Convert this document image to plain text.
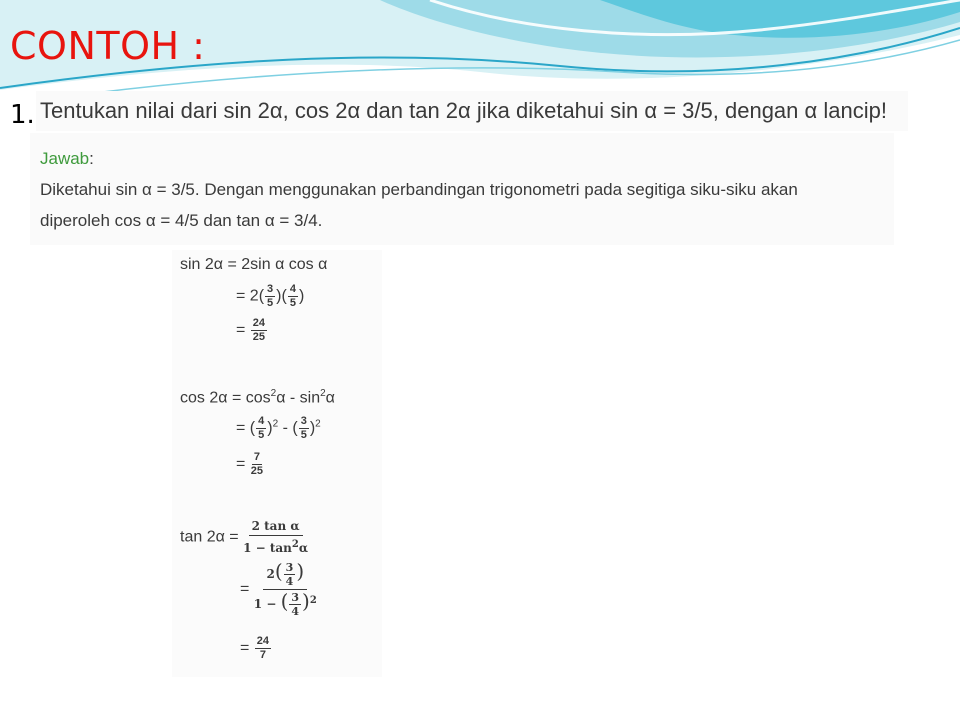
CONTOH :
1. Tentukan nilai dari sin 2α, cos 2α dan tan 2α jika diketahui sin α = 3/5, dengan α lancip!
Jawab:
Diketahui sin α = 3/5. Dengan menggunakan perbandingan trigonometri pada segitiga siku-siku akan
diperoleh cos α = 4/5 dan tan α = 3/4.
sin 2α = 2sin α cos α
= $2( \frac{3}{5}$ )( $\frac{4}{5}$ )
= $\frac{24}{25}$
$\cos 2\alpha = \cos^2\alpha - \sin^2\alpha$
= ( $\frac{4}{5} )^2$ - ( $\frac{3}{5} )^2$
= $\frac{7}{25}$
$\tan 2\alpha = \frac{\text{2 tan α}}{1 - \tan^2\alpha}$
= $\frac{2( \frac{3}{4} )}{1 - ( \frac{3}{4} )^2}$
= $\frac{24}{7}$
